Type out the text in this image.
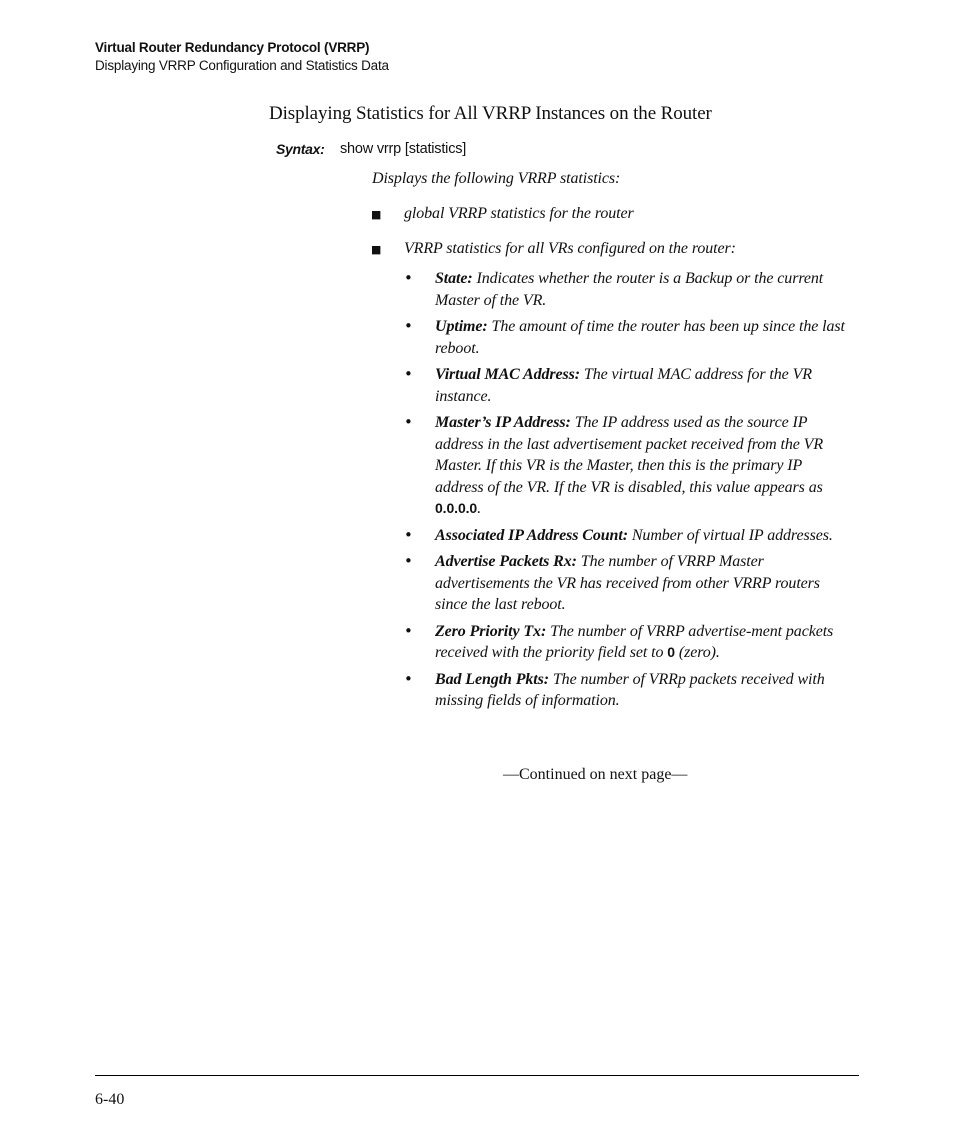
Virtual Router Redundancy Protocol (VRRP)
Displaying VRRP Configuration and Statistics Data
Displaying Statistics for All VRRP Instances on the Router
Syntax: show vrrp [statistics]
Displays the following VRRP statistics:
■ global VRRP statistics for the router
■ VRRP statistics for all VRs configured on the router:
• State: Indicates whether the router is a Backup or the current Master of the VR.
• Uptime: The amount of time the router has been up since the last reboot.
• Virtual MAC Address: The virtual MAC address for the VR instance.
• Master’s IP Address: The IP address used as the source IP address in the last advertisement packet received from the VR Master. If this VR is the Master, then this is the primary IP address of the VR. If the VR is disabled, this value appears as 0.0.0.0.
• Associated IP Address Count: Number of virtual IP addresses.
• Advertise Packets Rx: The number of VRRP Master advertisements the VR has received from other VRRP routers since the last reboot.
• Zero Priority Tx: The number of VRRP advertise-ment packets received with the priority field set to 0 (zero).
• Bad Length Pkts: The number of VRRp packets received with missing fields of information.
—Continued on next page—
6-40
